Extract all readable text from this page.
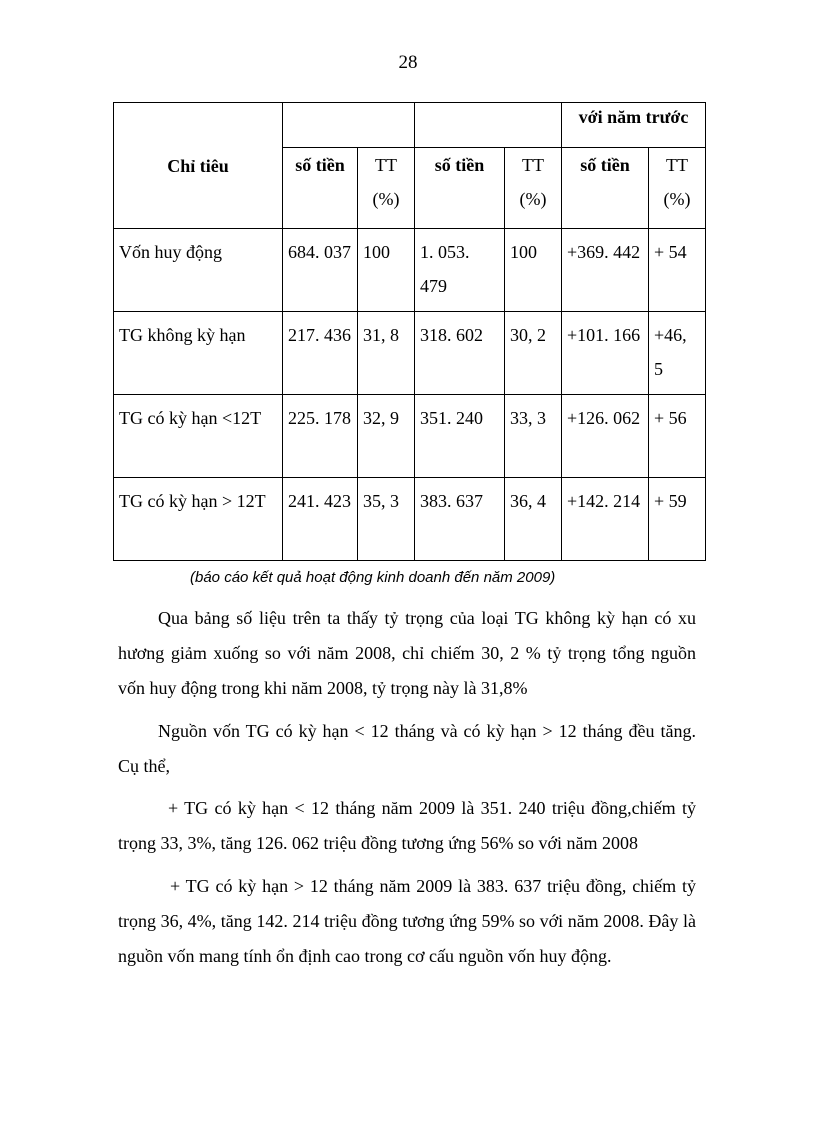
28
Chỉ tiêu					với năm trước	
	số tiền	TT (%)	số tiền	TT (%)	số tiền	TT (%)
Vốn huy động	684. 037	100	1. 053. 479	100	+369. 442	+ 54
TG không kỳ hạn	217. 436	31, 8	318. 602	30, 2	+101. 166	+46, 5
TG có kỳ hạn <12T	225. 178	32, 9	351. 240	33, 3	+126. 062	+ 56
TG có kỳ hạn > 12T	241. 423	35, 3	383. 637	36, 4	+142. 214	+ 59
(báo cáo kết quả hoạt động kinh doanh đến năm 2009)

Qua bảng số liệu trên ta thấy tỷ trọng của loại TG không kỳ hạn có xu hương giảm xuống so với năm 2008, chỉ chiếm 30, 2 % tỷ trọng tổng nguồn vốn huy động trong khi năm 2008, tỷ trọng này là 31,8%

Nguồn vốn TG có kỳ hạn < 12 tháng và có kỳ hạn > 12 tháng đều tăng. Cụ thể,

+ TG có kỳ hạn < 12 tháng năm 2009 là 351. 240 triệu đồng,chiếm tỷ trọng 33, 3%, tăng 126. 062 triệu đồng tương ứng 56% so với năm 2008

+ TG có kỳ hạn > 12 tháng năm 2009 là 383. 637 triệu đồng, chiếm tỷ trọng 36, 4%, tăng 142. 214 triệu đồng tương ứng 59% so với năm 2008. Đây là nguồn vốn mang tính ổn định cao trong cơ cấu nguồn vốn huy động.
